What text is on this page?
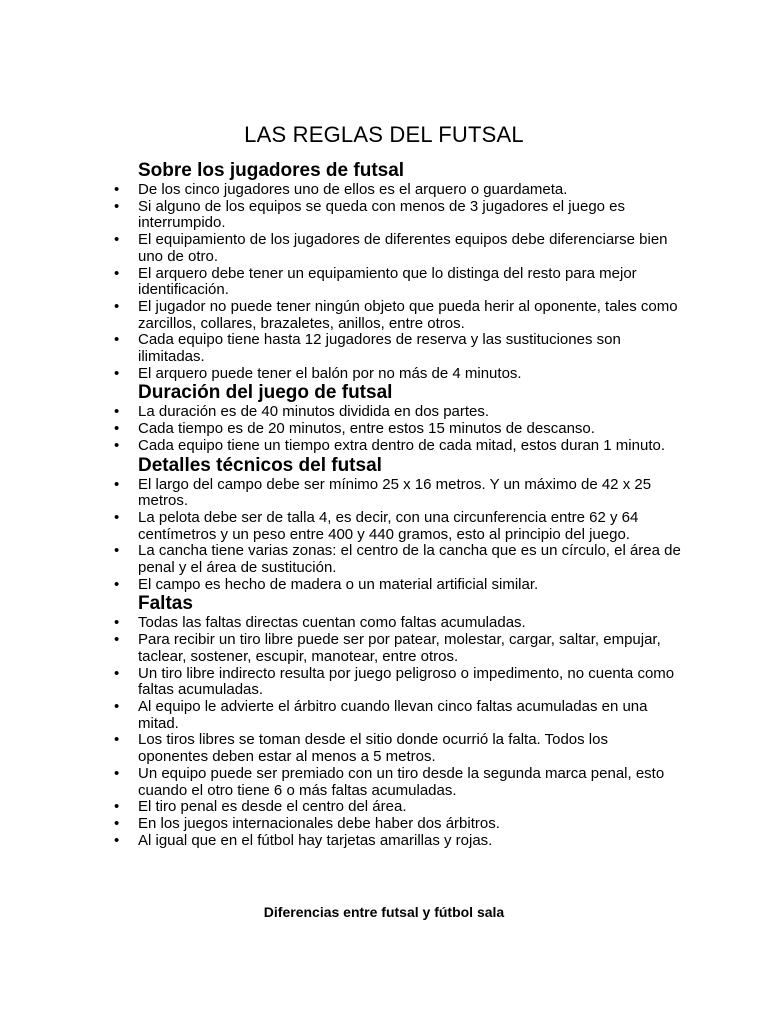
LAS REGLAS DEL FUTSAL
Sobre los jugadores de futsal
• De los cinco jugadores uno de ellos es el arquero o guardameta.
• Si alguno de los equipos se queda con menos de 3 jugadores el juego es interrumpido.
• El equipamiento de los jugadores de diferentes equipos debe diferenciarse bien uno de otro.
• El arquero debe tener un equipamiento que lo distinga del resto para mejor identificación.
• El jugador no puede tener ningún objeto que pueda herir al oponente, tales como zarcillos, collares, brazaletes, anillos, entre otros.
• Cada equipo tiene hasta 12 jugadores de reserva y las sustituciones son ilimitadas.
• El arquero puede tener el balón por no más de 4 minutos.
Duración del juego de futsal
• La duración es de 40 minutos dividida en dos partes.
• Cada tiempo es de 20 minutos, entre estos 15 minutos de descanso.
• Cada equipo tiene un tiempo extra dentro de cada mitad, estos duran 1 minuto.
Detalles técnicos del futsal
• El largo del campo debe ser mínimo 25 x 16 metros. Y un máximo de 42 x 25 metros.
• La pelota debe ser de talla 4, es decir, con una circunferencia entre 62 y 64 centímetros y un peso entre 400 y 440 gramos, esto al principio del juego.
• La cancha tiene varias zonas: el centro de la cancha que es un círculo, el área de penal y el área de sustitución.
• El campo es hecho de madera o un material artificial similar.
Faltas
• Todas las faltas directas cuentan como faltas acumuladas.
• Para recibir un tiro libre puede ser por patear, molestar, cargar, saltar, empujar, taclear, sostener, escupir, manotear, entre otros.
• Un tiro libre indirecto resulta por juego peligroso o impedimento, no cuenta como faltas acumuladas.
• Al equipo le advierte el árbitro cuando llevan cinco faltas acumuladas en una mitad.
• Los tiros libres se toman desde el sitio donde ocurrió la falta. Todos los oponentes deben estar al menos a 5 metros.
• Un equipo puede ser premiado con un tiro desde la segunda marca penal, esto cuando el otro tiene 6 o más faltas acumuladas.
• El tiro penal es desde el centro del área.
• En los juegos internacionales debe haber dos árbitros.
• Al igual que en el fútbol hay tarjetas amarillas y rojas.
Diferencias entre futsal y fútbol sala
